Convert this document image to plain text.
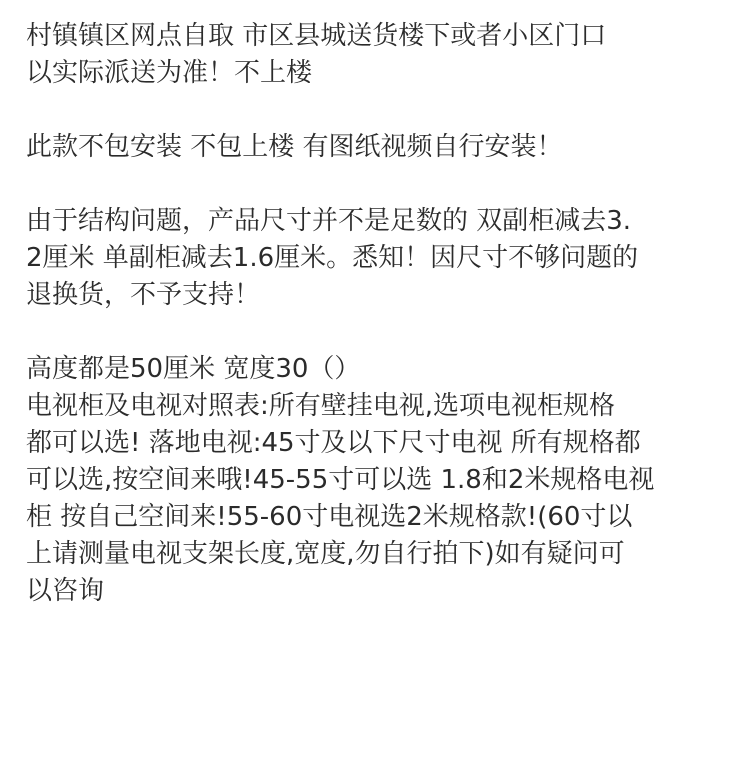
村镇镇区网点自取 市区县城送货楼下或者小区门口
以实际派送为准！不上楼
此款不包安装 不包上楼 有图纸视频自行安装！
由于结构问题，产品尺寸并不是足数的 双副柜减去3.
2厘米 单副柜减去1.6厘米。悉知！因尺寸不够问题的
退换货，不予支持！
高度都是50厘米 宽度30（）
电视柜及电视对照表:所有壁挂电视,选项电视柜规格
都可以选! 落地电视:45寸及以下尺寸电视 所有规格都
可以选,按空间来哦!45-55寸可以选 1.8和2米规格电视
柜 按自己空间来!55-60寸电视选2米规格款!(60寸以
上请测量电视支架长度,宽度,勿自行拍下)如有疑问可
以咨询
